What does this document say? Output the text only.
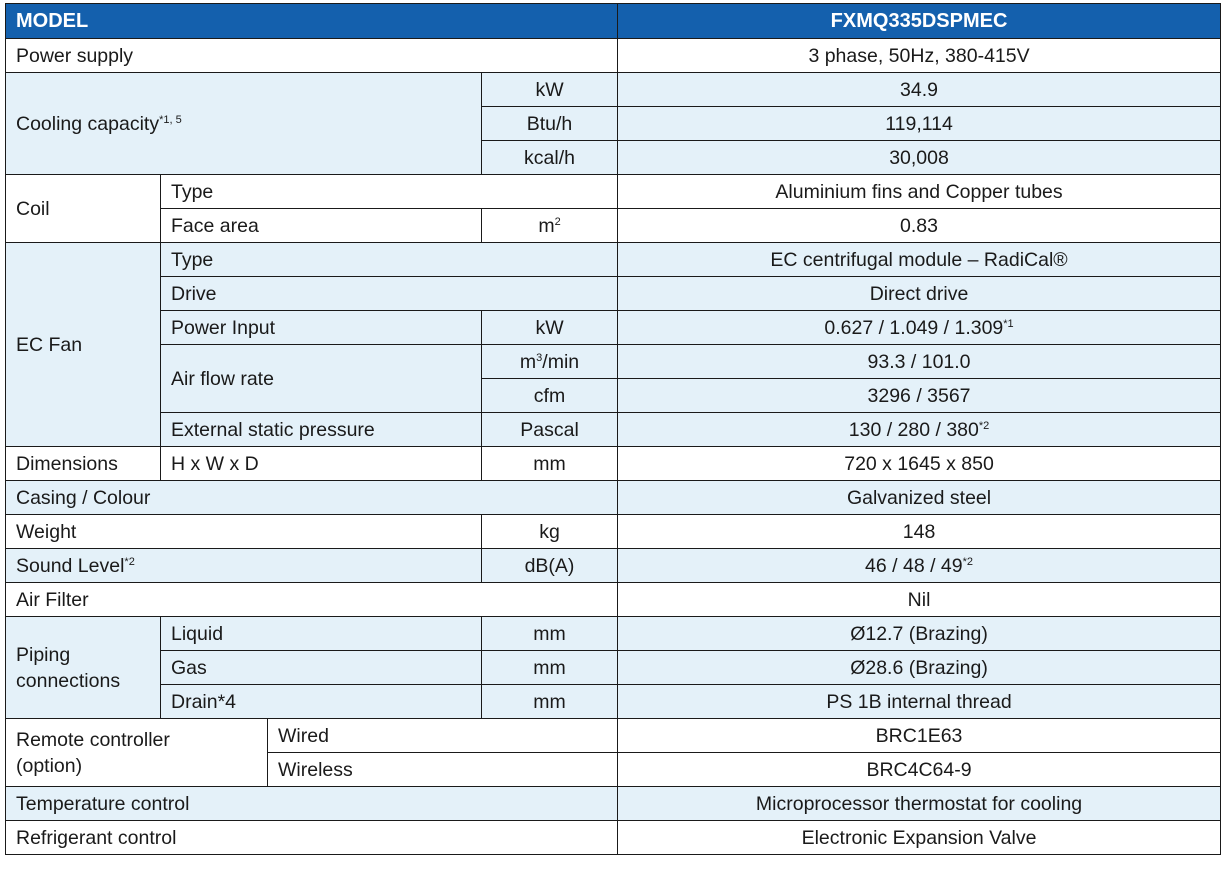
MODEL				FXMQ335DSPMEC
Power supply				3 phase, 50Hz, 380-415V
Cooling capacity$^{*1, 5}$			kW	34.9
			Btu/h	119,114
			kcal/h	30,008
Coil	Type			Aluminium fins and Copper tubes
	Face area		$m^2$	0.83
EC Fan	Type			EC centrifugal module – RadiCal®
	Drive			Direct drive
	Power Input		kW	0.627 / 1.049 / 1.309$^{*1}$
	Air flow rate		$m^3/\min$	93.3 / 101.0
			cfm	3296 / 3567
	External static pressure		Pascal	130 / 280 / 380$^{*2}$
Dimensions	H x W x D		mm	720 x 1645 x 850
Casing / Colour				Galvanized steel
Weight			kg	148
Sound Level$^{*2}$			dB(A)	46 / 48 / 49$^{*2}$
Air Filter				Nil
Piping
connections	Liquid		mm	Ø12.7 (Brazing)
	Gas		mm	Ø28.6 (Brazing)
	Drain*4		mm	PS 1B internal thread
Remote controller
(option)		Wired		BRC1E63
		Wireless		BRC4C64-9
Temperature control				Microprocessor thermostat for cooling
Refrigerant control				Electronic Expansion Valve
